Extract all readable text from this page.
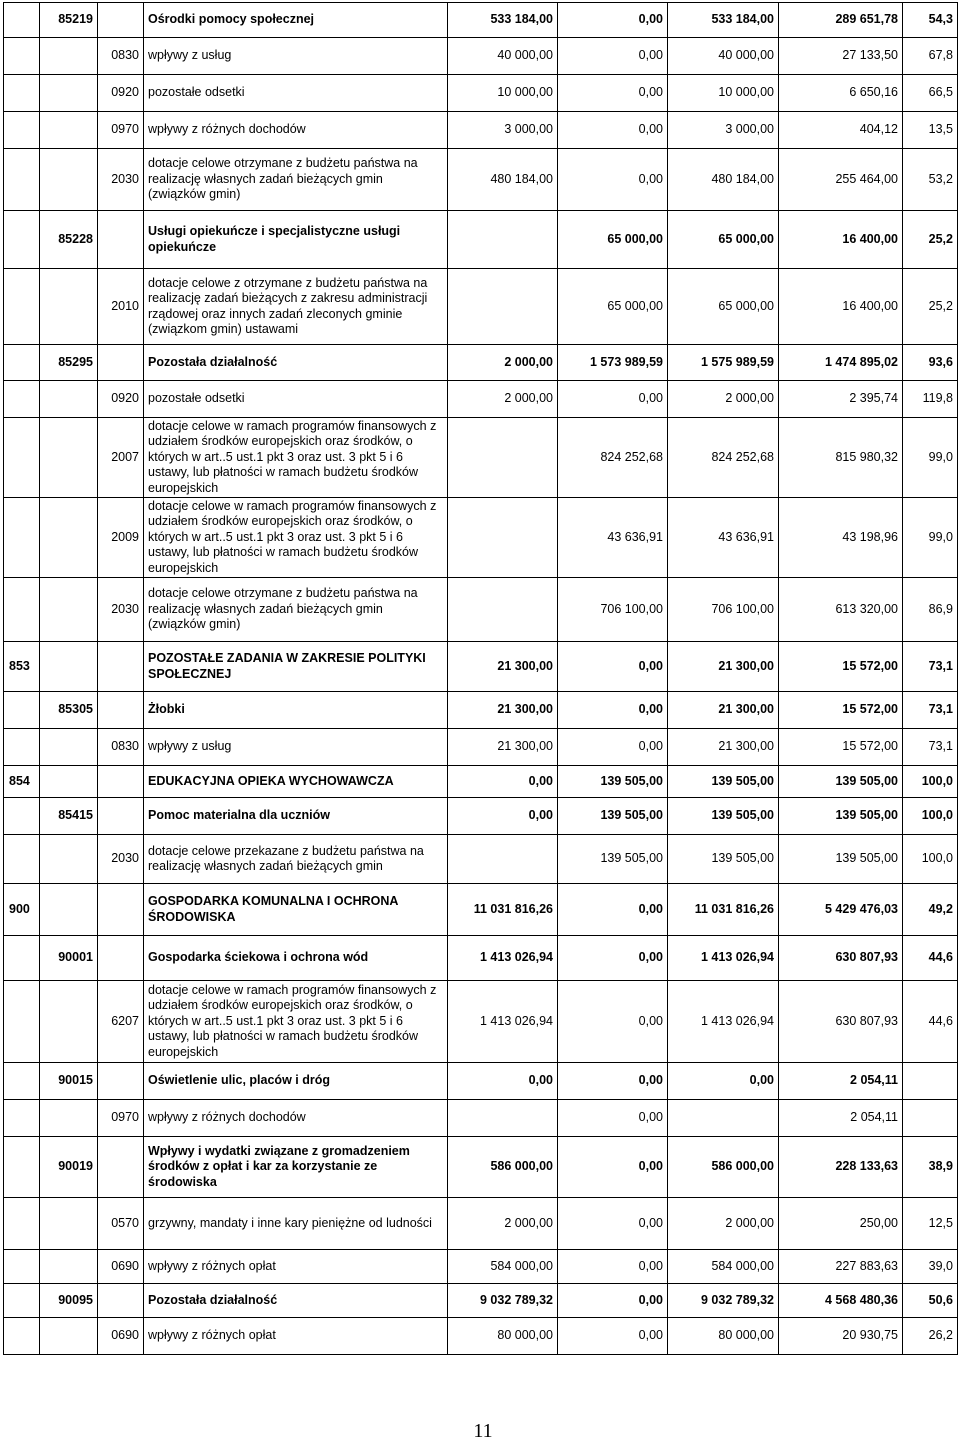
	85219		Ośrodki pomocy społecznej	533 184,00	0,00	533 184,00	289 651,78	54,3
		0830	wpływy z usług	40 000,00	0,00	40 000,00	27 133,50	67,8
		0920	pozostałe odsetki	10 000,00	0,00	10 000,00	6 650,16	66,5
		0970	wpływy z różnych dochodów	3 000,00	0,00	3 000,00	404,12	13,5
		2030	dotacje celowe otrzymane z budżetu państwa na realizację własnych zadań bieżących gmin (związków gmin)	480 184,00	0,00	480 184,00	255 464,00	53,2
	85228		Usługi opiekuńcze i specjalistyczne usługi opiekuńcze		65 000,00	65 000,00	16 400,00	25,2
		2010	dotacje celowe z otrzymane z budżetu państwa na realizację zadań bieżących z zakresu administracji rządowej oraz innych zadań zleconych gminie (związkom gmin) ustawami		65 000,00	65 000,00	16 400,00	25,2
	85295		Pozostała działalność	2 000,00	1 573 989,59	1 575 989,59	1 474 895,02	93,6
		0920	pozostałe odsetki	2 000,00	0,00	2 000,00	2 395,74	119,8
		2007	dotacje celowe w ramach programów finansowych z udziałem środków europejskich oraz środków, o których w art..5 ust.1 pkt 3 oraz ust. 3 pkt 5 i 6 ustawy, lub płatności w ramach budżetu środków europejskich		824 252,68	824 252,68	815 980,32	99,0
		2009	dotacje celowe w ramach programów finansowych z udziałem środków europejskich oraz środków, o których w art..5 ust.1 pkt 3 oraz ust. 3 pkt 5 i 6 ustawy, lub płatności w ramach budżetu środków europejskich		43 636,91	43 636,91	43 198,96	99,0
		2030	dotacje celowe otrzymane z budżetu państwa na realizację własnych zadań bieżących gmin (związków gmin)		706 100,00	706 100,00	613 320,00	86,9
853			POZOSTAŁE ZADANIA W ZAKRESIE POLITYKI SPOŁECZNEJ	21 300,00	0,00	21 300,00	15 572,00	73,1
	85305		Żłobki	21 300,00	0,00	21 300,00	15 572,00	73,1
		0830	wpływy z usług	21 300,00	0,00	21 300,00	15 572,00	73,1
854			EDUKACYJNA OPIEKA WYCHOWAWCZA	0,00	139 505,00	139 505,00	139 505,00	100,0
	85415		Pomoc materialna dla uczniów	0,00	139 505,00	139 505,00	139 505,00	100,0
		2030	dotacje celowe przekazane z budżetu państwa na realizację własnych zadań bieżących gmin		139 505,00	139 505,00	139 505,00	100,0
900			GOSPODARKA KOMUNALNA I OCHRONA ŚRODOWISKA	11 031 816,26	0,00	11 031 816,26	5 429 476,03	49,2
	90001		Gospodarka ściekowa i ochrona wód	1 413 026,94	0,00	1 413 026,94	630 807,93	44,6
		6207	dotacje celowe w ramach programów finansowych z udziałem środków europejskich oraz środków, o których w art..5 ust.1 pkt 3 oraz ust. 3 pkt 5 i 6 ustawy, lub płatności w ramach budżetu środków europejskich	1 413 026,94	0,00	1 413 026,94	630 807,93	44,6
	90015		Oświetlenie ulic, placów i dróg	0,00	0,00	0,00	2 054,11	
		0970	wpływy z różnych dochodów		0,00		2 054,11	
	90019		Wpływy i wydatki związane z gromadzeniem środków z opłat i kar za korzystanie ze środowiska	586 000,00	0,00	586 000,00	228 133,63	38,9
		0570	grzywny, mandaty i inne kary pieniężne od ludności	2 000,00	0,00	2 000,00	250,00	12,5
		0690	wpływy z różnych opłat	584 000,00	0,00	584 000,00	227 883,63	39,0
	90095		Pozostała działalność	9 032 789,32	0,00	9 032 789,32	4 568 480,36	50,6
		0690	wpływy z różnych opłat	80 000,00	0,00	80 000,00	20 930,75	26,2
11
